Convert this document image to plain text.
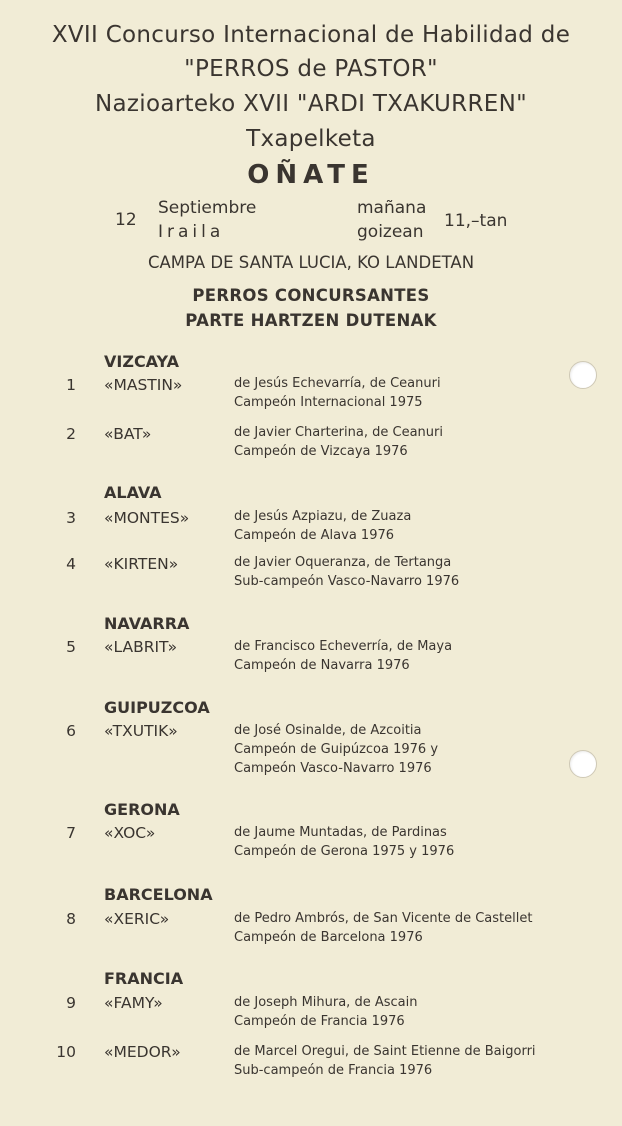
XVII Concurso Internacional de Habilidad de
"PERROS de PASTOR"
Nazioarteko XVII "ARDI TXAKURREN"
Txapelketa
OÑATE
12
Septiembre
Iraila
mañana
goizean
11,–tan
CAMPA DE SANTA LUCIA, KO LANDETAN
PERROS CONCURSANTES
PARTE HARTZEN DUTENAK
VIZCAYA
ALAVA
NAVARRA
GUIPUZCOA
GERONA
BARCELONA
FRANCIA
1 «MASTIN»	de Jesús Echevarría, de Ceanuri
Campeón Internacional 1975
2 «BAT»	de Javier Charterina, de Ceanuri
Campeón de Vizcaya 1976
3 «MONTES»	de Jesús Azpiazu, de Zuaza
Campeón de Alava 1976
4 «KIRTEN»	de Javier Oqueranza, de Tertanga
Sub-campeón Vasco-Navarro 1976
5 «LABRIT»	de Francisco Echeverría, de Maya
Campeón de Navarra 1976
6 «TXUTIK»	de José Osinalde, de Azcoitia
Campeón de Guipúzcoa 1976 y
Campeón Vasco-Navarro 1976
7 «XOC»	de Jaume Muntadas, de Pardinas
Campeón de Gerona 1975 y 1976
8 «XERIC»	de Pedro Ambrós, de San Vicente de Castellet
Campeón de Barcelona 1976
9 «FAMY»	de Joseph Mihura, de Ascain
Campeón de Francia 1976
10 «MEDOR»	de Marcel Oregui, de Saint Etienne de Baigorri
Sub-campeón de Francia 1976
